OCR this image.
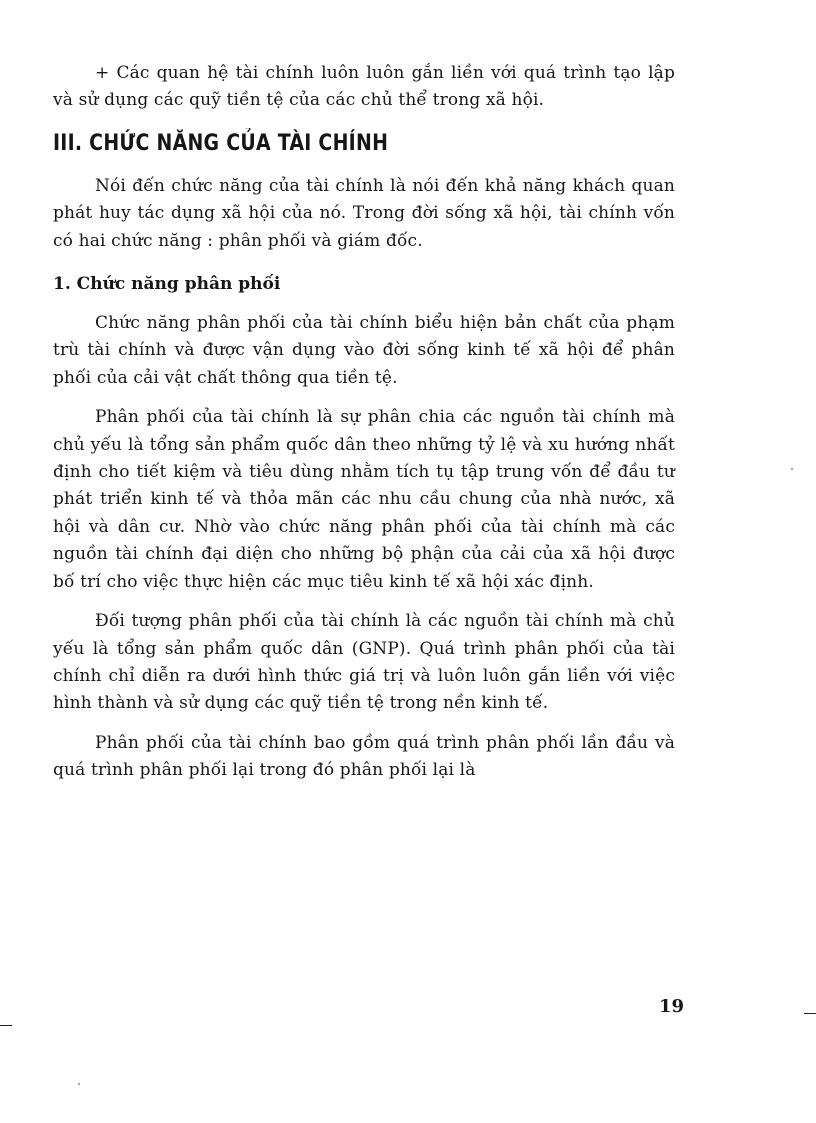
+ Các quan hệ tài chính luôn luôn gắn liền với quá trình tạo lập và sử dụng các quỹ tiền tệ của các chủ thể trong xã hội.

III. CHỨC NĂNG CỦA TÀI CHÍNH

Nói đến chức năng của tài chính là nói đến khả năng khách quan phát huy tác dụng xã hội của nó. Trong đời sống xã hội, tài chính vốn có hai chức năng : phân phối và giám đốc.

1. Chức năng phân phối

Chức năng phân phối của tài chính biểu hiện bản chất của phạm trù tài chính và được vận dụng vào đời sống kinh tế xã hội để phân phối của cải vật chất thông qua tiền tệ.

Phân phối của tài chính là sự phân chia các nguồn tài chính mà chủ yếu là tổng sản phẩm quốc dân theo những tỷ lệ và xu hướng nhất định cho tiết kiệm và tiêu dùng nhằm tích tụ tập trung vốn để đầu tư phát triển kinh tế và thỏa mãn các nhu cầu chung của nhà nước, xã hội và dân cư. Nhờ vào chức năng phân phối của tài chính mà các nguồn tài chính đại diện cho những bộ phận của cải của xã hội được bố trí cho việc thực hiện các mục tiêu kinh tế xã hội xác định.

Đối tượng phân phối của tài chính là các nguồn tài chính mà chủ yếu là tổng sản phẩm quốc dân (GNP). Quá trình phân phối của tài chính chỉ diễn ra dưới hình thức giá trị và luôn luôn gắn liền với việc hình thành và sử dụng các quỹ tiền tệ trong nền kinh tế.

Phân phối của tài chính bao gồm quá trình phân phối lần đầu và quá trình phân phối lại trong đó phân phối lại là

19
